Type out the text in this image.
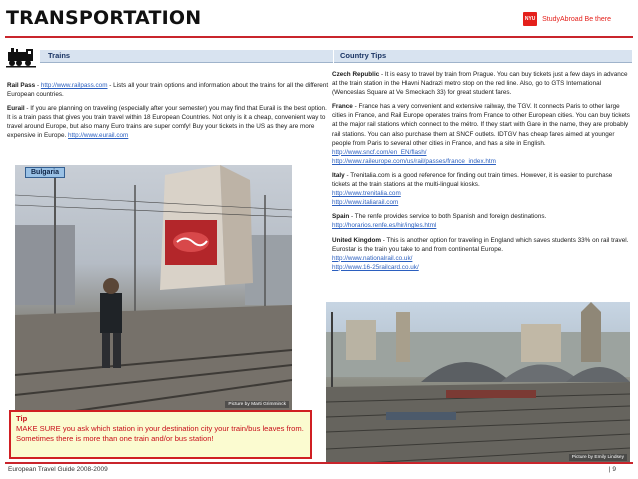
TRANSPORTATION	NYU StudyAbroad Be there
Trains	Country Tips
Rail Pass - http://www.railpass.com - Lists all your train options and information about the trains for all the different European countries.
Eurail - If you are planning on traveling (especially after your semester) you may find that Eurail is the best option. It is a train pass that gives you train travel within 18 European Countries. Not only is it a cheap, convenient way to travel around Europe, but also many Euro trains are super comfy! Buy your tickets in the US as they are more expensive in Europe. http://www.eurail.com
Picture by Marti Grimminck
Bulgaria
Tip
MAKE SURE you ask which station in your destination city your train/bus leaves from. Sometimes there is more than one train and/or bus station!
Czech Republic - It is easy to travel by train from Prague. You can buy tickets just a few days in advance at the train station in the Hlavni Nadrazi metro stop on the red line. Also, go to GTS International (Wenceslas Square at Ve Smeckach 33) for great student fares.
France - France has a very convenient and extensive railway, the TGV. It connects Paris to other large cities in France, and Rail Europe operates trains from France to other European cities. You can buy tickets at the major rail stations which connect to the métro. If they start with Gare in the name, they are probably rail stations. You can also purchase them at SNCF outlets. IDTGV has cheap fares aimed at younger people from Paris to several other cities in France, and has a site in English.
http://www.sncf.com/en_EN/flash/
http://www.raileurope.com/us/rail/passes/france_index.htm
Italy - Trenitalia.com is a good reference for finding out train times. However, it is easier to purchase tickets at the train stations at the multi-lingual kiosks.
http://www.trenitalia.com
http://www.italiarail.com
Spain - The renfe provides service to both Spanish and foreign destinations.
http://horarios.renfe.es/hir/ingles.html
United Kingdom - This is another option for traveling in England which saves students 33% on rail travel. Eurostar is the train you take to and from continental Europe.
http://www.nationalrail.co.uk/
http://www.16-25railcard.co.uk/
Picture by Emily Lindsey
European Travel Guide 2008-2009	| 9
